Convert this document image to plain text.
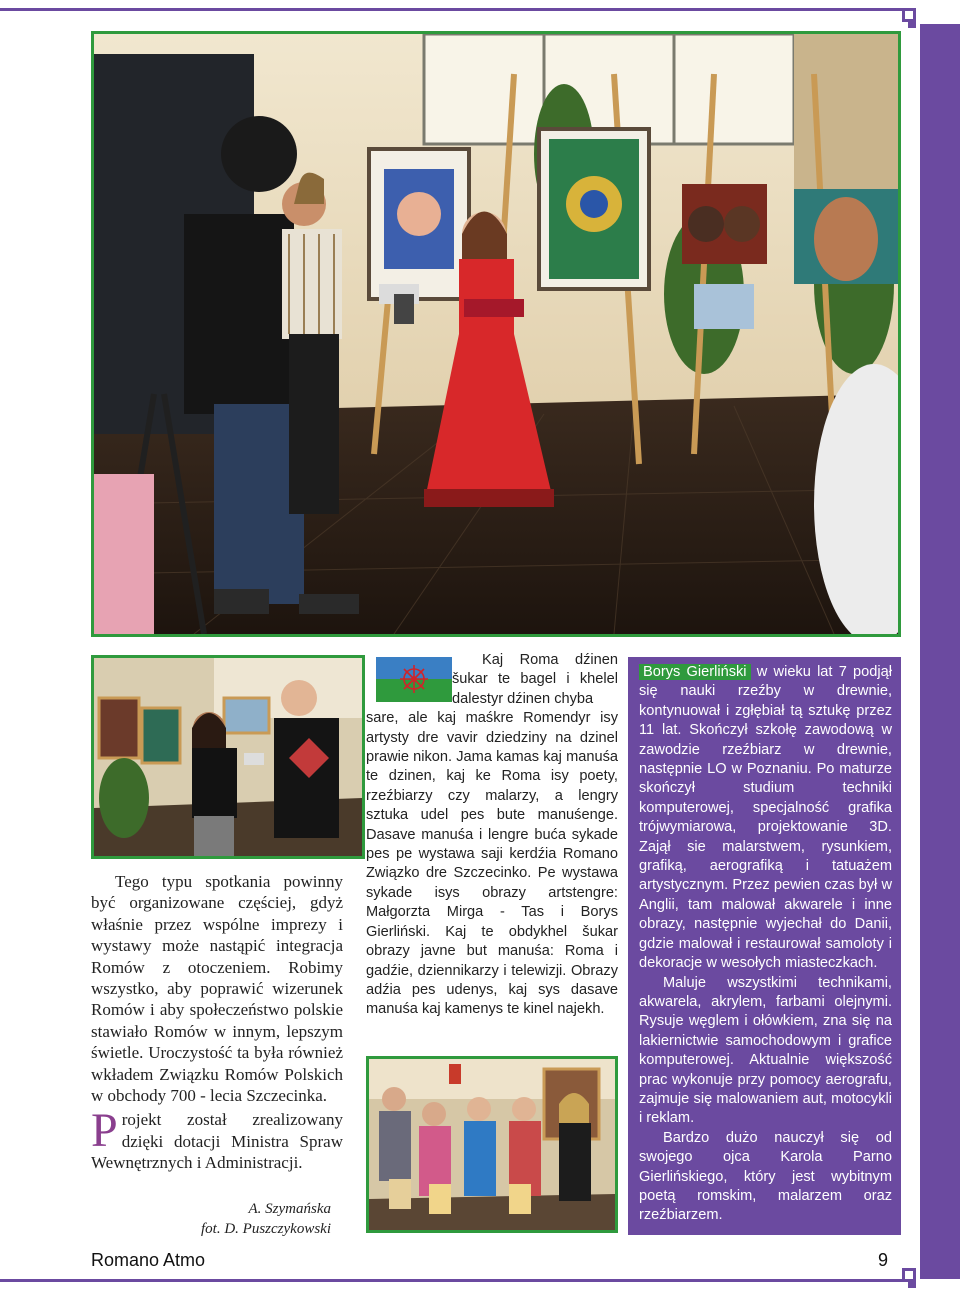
Kaj Roma dźinen šukar te bagel i khelel dalestyr dźinen chyba

sare, ale kaj maśkre Romendyr isy artysty dre vavir dziedziny na dzinel prawie nikon. Jama kamas kaj manuśa te dzinen, kaj ke Roma isy poety, rzeźbiarzy czy malarzy, a lengry sztuka udel pes bute manuśenge. Dasave manuśa i lengre buća sykade pes pe wystawa saji kerdźia Romano Związko dre Szczecinko. Pe wystawa sykade isys obrazy artstengre: Małgorzta Mirga - Tas i Borys Gierliński. Kaj te obdykhel šukar obrazy javne but manuśa: Roma i gadźie, dziennikarzy i telewizji. Obrazy adźia pes udenys, kaj sys dasave manuśa kaj kamenys te kinel najekh.

Tego typu spotkania powinny być organizowane częściej, gdyż właśnie przez wspólne imprezy i wystawy może nastąpić integracja Romów z otoczeniem. Robimy wszystko, aby poprawić wizerunek Romów i aby społeczeństwo polskie stawiało Romów w innym, lepszym świetle. Uroczystość ta była również wkładem Związku Romów Polskich w obchody 700 - lecia Szczecinka.

Projekt został zrealizowany dzięki dotacji Ministra Spraw Wewnętrznych i Administracji.

A. Szymańska
fot. D. Puszczykowski

Borys Gierliński w wieku lat 7 podjął się nauki rzeźby w drewnie, kontynuował i zgłębiał tą sztukę przez 11 lat. Skończył szkołę zawodową w zawodzie rzeźbiarz w drewnie, następnie LO w Poznaniu. Po maturze skończył studium techniki komputerowej, specjalność grafika trójwymiarowa, projektowanie 3D. Zajął sie malarstwem, rysunkiem, grafiką, aerografiką i tatuażem artystycznym. Przez pewien czas był w Anglii, tam malował akwarele i inne obrazy, następnie wyjechał do Danii, gdzie malował i restaurował samoloty i dekoracje w wesołych miasteczkach.

Maluje wszystkimi technikami, akwarela, akrylem, farbami olejnymi. Rysuje węglem i ołówkiem, zna się na lakiernictwie samochodowym i grafice komputerowej. Aktualnie większość prac wykonuje przy pomocy aerografu, zajmuje się malowaniem aut, motocykli i reklam.

Bardzo dużo nauczył się od swojego ojca Karola Parno Gierlińskiego, który jest wybitnym poetą romskim, malarzem oraz rzeźbiarzem.

Romano Atmo	9
